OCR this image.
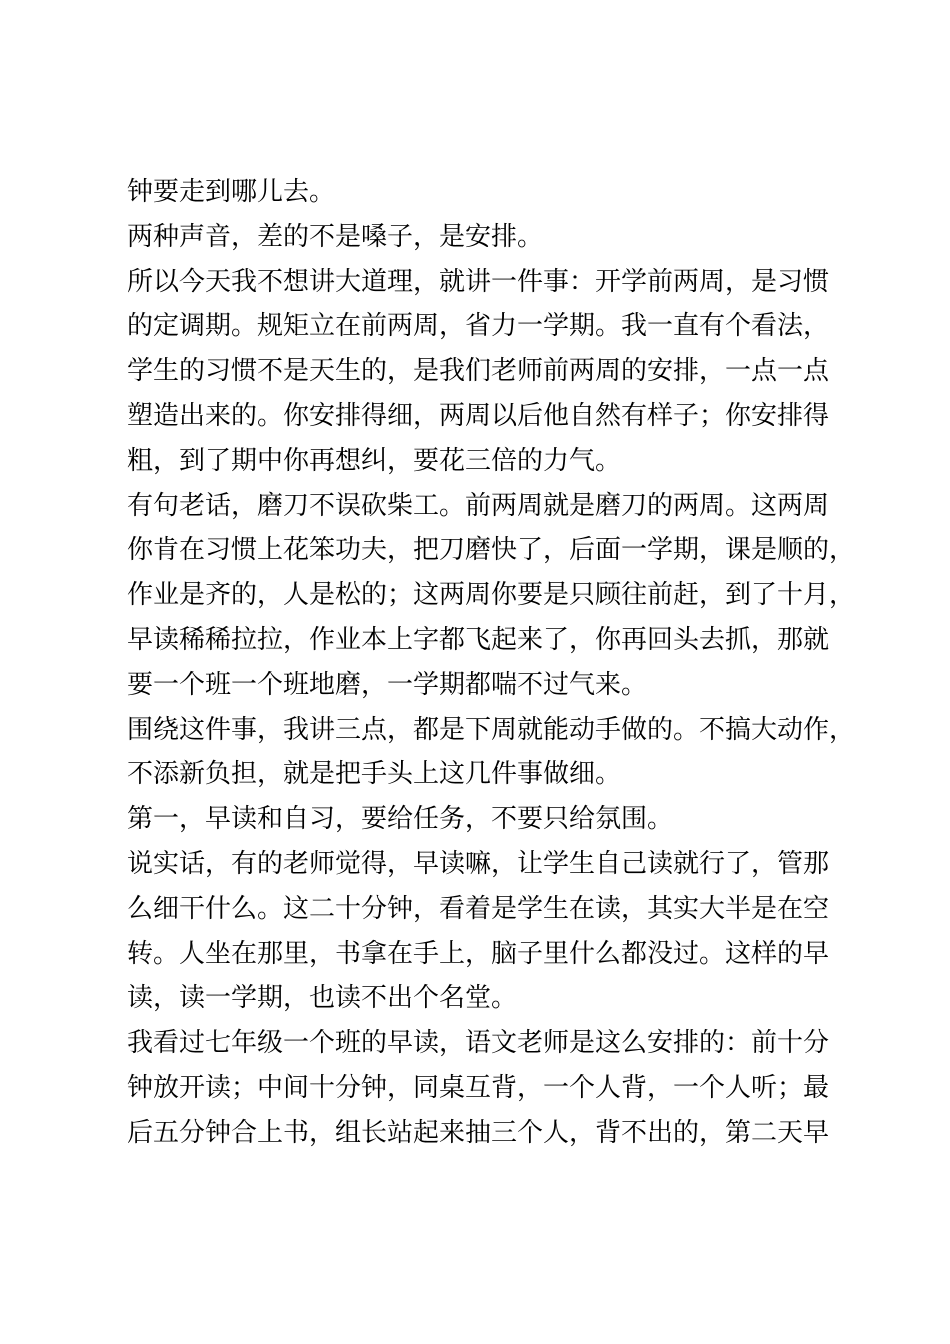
钟要走到哪儿去。
两种声音，差的不是嗓子，是安排。
所以今天我不想讲大道理，就讲一件事：开学前两周，是习惯
的定调期。规矩立在前两周，省力一学期。我一直有个看法，
学生的习惯不是天生的，是我们老师前两周的安排，一点一点
塑造出来的。你安排得细，两周以后他自然有样子；你安排得
粗，到了期中你再想纠，要花三倍的力气。
有句老话，磨刀不误砍柴工。前两周就是磨刀的两周。这两周
你肯在习惯上花笨功夫，把刀磨快了，后面一学期，课是顺的，
作业是齐的，人是松的；这两周你要是只顾往前赶，到了十月，
早读稀稀拉拉，作业本上字都飞起来了，你再回头去抓，那就
要一个班一个班地磨，一学期都喘不过气来。
围绕这件事，我讲三点，都是下周就能动手做的。不搞大动作，
不添新负担，就是把手头上这几件事做细。
第一，早读和自习，要给任务，不要只给氛围。
说实话，有的老师觉得，早读嘛，让学生自己读就行了，管那
么细干什么。这二十分钟，看着是学生在读，其实大半是在空
转。人坐在那里，书拿在手上，脑子里什么都没过。这样的早
读，读一学期，也读不出个名堂。
我看过七年级一个班的早读，语文老师是这么安排的：前十分
钟放开读；中间十分钟，同桌互背，一个人背，一个人听；最
后五分钟合上书，组长站起来抽三个人，背不出的，第二天早
